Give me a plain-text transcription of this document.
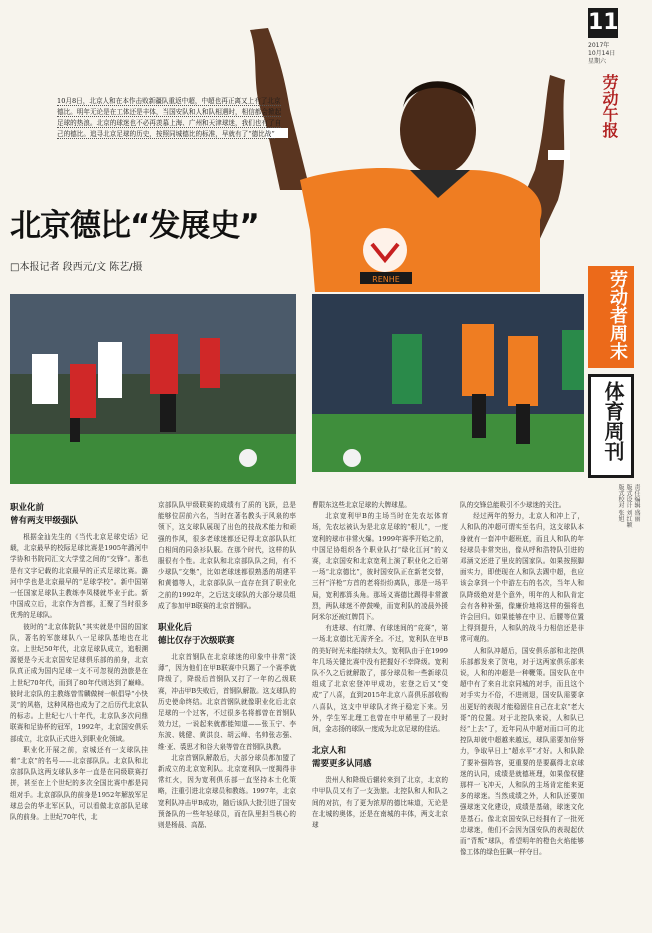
RENHE
10月8日，北京人和在本作击败新疆队重返中超，中超也再正离又上有了北京德比。明年无论是在工体还是丰体，当国安队和人和队相遇时，相信都会掀起足球的热浪。北京的球迷也不必再羡慕上海、广州和天津球迷，我们也有了自己的德比。追寻北京足球的历史，按照同城德比的标准，早就有了“德比战”
北京德比“发展史”
□本报记者 段西元/文 陈艺/摄
职业化前
曾有两支甲级强队

根据金汕先生的《当代北京足球史话》记载，北京最早的校际足球比赛是1905年潞河中学协和书院同汇文大学堂之间的“交锋”。那也是有文字记载的北京最早的正式足球比赛。潞河中学也是北京最早的“足球学校”。新中国第一任国家足球队主教练李凤楼就毕业于此。新中国成立后，北京作为首都，汇聚了当时很多优秀的足球队。

彼时的“北京体院队”其实就是中国的国家队，著名的军旅球队八一足球队基地也在北京。上世纪50年代，北京足球队成立，追根溯源便是今天北京国安足球俱乐部的前身，北京队真正成为国内足球一支不可忽视的劲旅是在上世纪70年代，而到了80年代则达到了巅峰。彼时北京队的主教练曾雪麟做树一帜倡导“小快灵”的风格，这种风格也成为了之后历代北京队的标志。上世纪七八十年代，北京队多次问鼎联赛和足协杯的冠军，1992年，北京国安俱乐部成立，北京队正式进入到职业化领域。

职业化开展之前，京城还有一支球队挂着“北京”的名号——北京部队队。北京队和北京部队队这两支球队多年一直是在同级联赛打拼，甚至在上个世纪的多次全国比赛中都是同组对手。北京部队队的前身是1952年解放军足球总会的华北军区队，可以看做北京部队足球队的前身。上世纪70年代，北

京部队队甲级联赛的成绩有了质的飞跃，总是能够位居前六名，当时在著名教头于风泉的率领下，这支球队展现了出色的技战术能力和顽强的作风，很多老球迷都还记得北京部队队红白相间的同条衫队服。在那个时代，这样的队服很有个性。北京队和北京部队队之间，有不少球队“交集”，比如老球迷都很熟悉的胡建平和黄德等人，北京部队队一直存在到了职业化之前的1992年，之后这支球队的大部分球员组成了参加甲B联赛的北京首钢队。

职业化后
德比仅存于次级联赛

北京首钢队在北京球迷的印象中非常“淡薄”，因为他们在甲B联赛中只踢了一个赛季就降级了，降级后首钢队又打了一年的乙级联赛，冲击甲B失败后，首钢队解散。这支球队的历史使命终结。北京首钢队就像职业化后北京足球的一个过客，不过很多名将都曾在首钢队效力过，一说起来就都能知道——张玉宁、李东波、姚健、黄洪良、胡云峰、名帅张志强、维·亚、裘思才和谷大泉等曾在首钢队执教。

北京首钢队解散后，大部分球员都加盟了新成立的北京宽利队。北京宽利队一度揭得非常红火，因为宽利俱乐部一直坚持本土化策略，注重引进北京球员和教练。1997年，北京宽利队冲击甲B成功，随后该队大批引进了国安预备队的一些年轻球员，而在队里担当核心的则是杨晨、高磊、

曹限东这些北京足球的大牌球星。

北京宽利甲B的主场当时在先农坛体育场，先农坛被认为是北京足球的“根儿”，一度宽利的球市非常火爆。1999年赛季开始之前，中国足协组织各个职业队打“绿化江河”的义赛，北京国安和北京宽利上演了职业化之后第一场“北京德比”，彼时国安队正在新老交替，三杆“洋枪”方首的老将纷纷离队，那是一场平局，宽利都算头角。那场义赛德比踢得非常激烈，两队球迷不停鼓噪，而宽利队的凌晨外援阿米尔还被红牌罚下。

有进球、有红牌、有球迷间的“竞赛”，第一场北京德比无需齐全。不过，宽利队在甲B的美好时光未能持续太久，宽利队由于在1999年几场关键比赛中没有把握好不幸降级。宽利队不久之后就解散了，部分球员和一些新球员组成了北京宏登冲甲成功，宏登之后又“变成”了八喜，直到2015年北京八喜俱乐部收购八喜队，这支中甲球队才终于稳定下来。另外，学生军北理工也曾在中甲稀里了一段时间，金志扬的球队一度成为北京足球的佳话。

北京人和
需要更多认同感

贵州人和降级后辗转来到了北京，北京的中甲队员又有了一支劲旅。北控队和人和队之间的对抗，有了更为浓厚的德比味道，无论是在北城的奥体，还是在南城的丰体，两支北京球

队的交锋总能吸引不少球迷的关注。

经过两年的努力，北京人和冲上了，人和队的冲超可谓实至名归，这支球队本身就有一套冲中超班底，而且人和队的年轻球员非常突出，像从呼和浩特队引进的邓涵文还进了里皮的国家队。如果按照脚面实力，即使现在人和队去踢中超，也应该会拿到一个中游左右的名次，当年人和队降级绝对是个意外，明年的人和队肯定会有各种补强，像廉价地将这样的强将也许会回归。如果能够在中卫、后腰等位置上得到提升，人和队的战斗力相信还是非常可观的。

人和队冲超后，国安俱乐部和北控俱乐部都发来了贺电，对于这两家俱乐部来说，人和的冲超是一种鞭策。国安队在中超中有了来自北京同城的对手，而且这个对手实力不俗，不进则退，国安队需要拿出更好的表现才能稳固住自己在北京“老大哥”的位置。对于北控队来说，人和队已经“上去”了，近年同从中超对而口可的北控队却就中超越来越远，球队需要加倍努力，争取早日上“超水平”才好。人和队除了要补强阵容，更重要的是要赢得北京球迷的认同，成绩是就德班理，如果像权健那样一飞冲天，人和队的主场肯定能来更多的球迷。当然成绩之外，人和队还要加强球迷文化建设，成绩是基础，球迷文化是基石。像北京国安队已经拥有了一批死忠球迷，他们不会因为国安队的表现起伏而“背叛”球队，希望明年的橙色火焰能够像工体的绿色狂飙一样夺目。

11
2017年
10月14日
星期六
劳动午报
劳动者周末
体育周刊
责任编辑 盛丽
版式设计 刘红颖
版式校对 张旭
